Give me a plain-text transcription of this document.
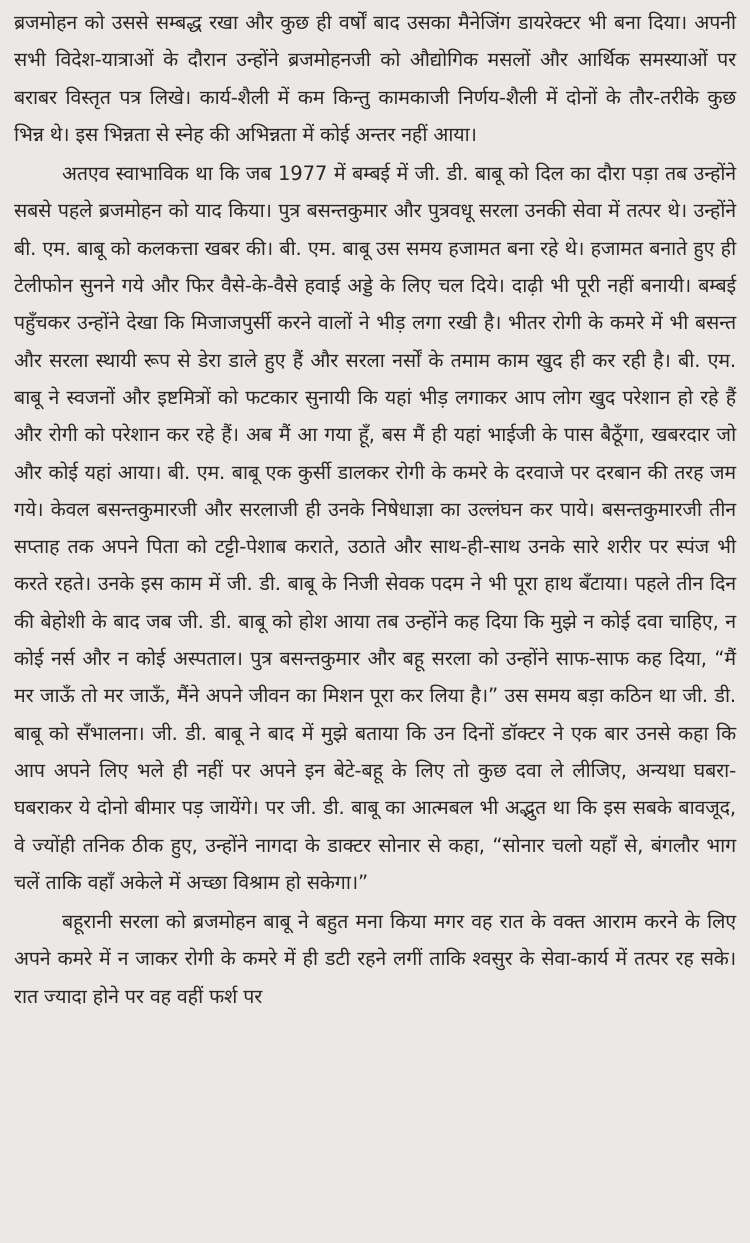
ब्रजमोहन को उससे सम्बद्ध रखा और कुछ ही वर्षों बाद उसका मैनेजिंग डायरेक्टर भी बना दिया। अपनी सभी विदेश-यात्राओं के दौरान उन्होंने ब्रजमोहनजी को औद्योगिक मसलों और आर्थिक समस्याओं पर बराबर विस्तृत पत्र लिखे। कार्य-शैली में कम किन्तु कामकाजी निर्णय-शैली में दोनों के तौर-तरीके कुछ भिन्न थे। इस भिन्नता से स्नेह की अभिन्नता में कोई अन्तर नहीं आया।

अतएव स्वाभाविक था कि जब 1977 में बम्बई में जी. डी. बाबू को दिल का दौरा पड़ा तब उन्होंने सबसे पहले ब्रजमोहन को याद किया। पुत्र बसन्तकुमार और पुत्रवधू सरला उनकी सेवा में तत्पर थे। उन्होंने बी. एम. बाबू को कलकत्ता खबर की। बी. एम. बाबू उस समय हजामत बना रहे थे। हजामत बनाते हुए ही टेलीफोन सुनने गये और फिर वैसे-के-वैसे हवाई अड्डे के लिए चल दिये। दाढ़ी भी पूरी नहीं बनायी। बम्बई पहुँचकर उन्होंने देखा कि मिजाजपुर्सी करने वालों ने भीड़ लगा रखी है। भीतर रोगी के कमरे में भी बसन्त और सरला स्थायी रूप से डेरा डाले हुए हैं और सरला नर्सों के तमाम काम खुद ही कर रही है। बी. एम. बाबू ने स्वजनों और इष्टमित्रों को फटकार सुनायी कि यहां भीड़ लगाकर आप लोग खुद परेशान हो रहे हैं और रोगी को परेशान कर रहे हैं। अब मैं आ गया हूँ, बस मैं ही यहां भाईजी के पास बैठूँगा, खबरदार जो और कोई यहां आया। बी. एम. बाबू एक कुर्सी डालकर रोगी के कमरे के दरवाजे पर दरबान की तरह जम गये। केवल बसन्तकुमारजी और सरलाजी ही उनके निषेधाज्ञा का उल्लंघन कर पाये। बसन्तकुमारजी तीन सप्ताह तक अपने पिता को टट्टी-पेशाब कराते, उठाते और साथ-ही-साथ उनके सारे शरीर पर स्पंज भी करते रहते। उनके इस काम में जी. डी. बाबू के निजी सेवक पदम ने भी पूरा हाथ बँटाया। पहले तीन दिन की बेहोशी के बाद जब जी. डी. बाबू को होश आया तब उन्होंने कह दिया कि मुझे न कोई दवा चाहिए, न कोई नर्स और न कोई अस्पताल। पुत्र बसन्तकुमार और बहू सरला को उन्होंने साफ-साफ कह दिया, “मैं मर जाऊँ तो मर जाऊँ, मैंने अपने जीवन का मिशन पूरा कर लिया है।” उस समय बड़ा कठिन था जी. डी. बाबू को सँभालना। जी. डी. बाबू ने बाद में मुझे बताया कि उन दिनों डॉक्टर ने एक बार उनसे कहा कि आप अपने लिए भले ही नहीं पर अपने इन बेटे-बहू के लिए तो कुछ दवा ले लीजिए, अन्यथा घबरा-घबराकर ये दोनो बीमार पड़ जायेंगे। पर जी. डी. बाबू का आत्मबल भी अद्भुत था कि इस सबके बावजूद, वे ज्योंही तनिक ठीक हुए, उन्होंने नागदा के डाक्टर सोनार से कहा, “सोनार चलो यहाँ से, बंगलौर भाग चलें ताकि वहाँ अकेले में अच्छा विश्राम हो सकेगा।”

बहूरानी सरला को ब्रजमोहन बाबू ने बहुत मना किया मगर वह रात के वक्त आराम करने के लिए अपने कमरे में न जाकर रोगी के कमरे में ही डटी रहने लगीं ताकि श्वसुर के सेवा-कार्य में तत्पर रह सके। रात ज्यादा होने पर वह वहीं फर्श पर
